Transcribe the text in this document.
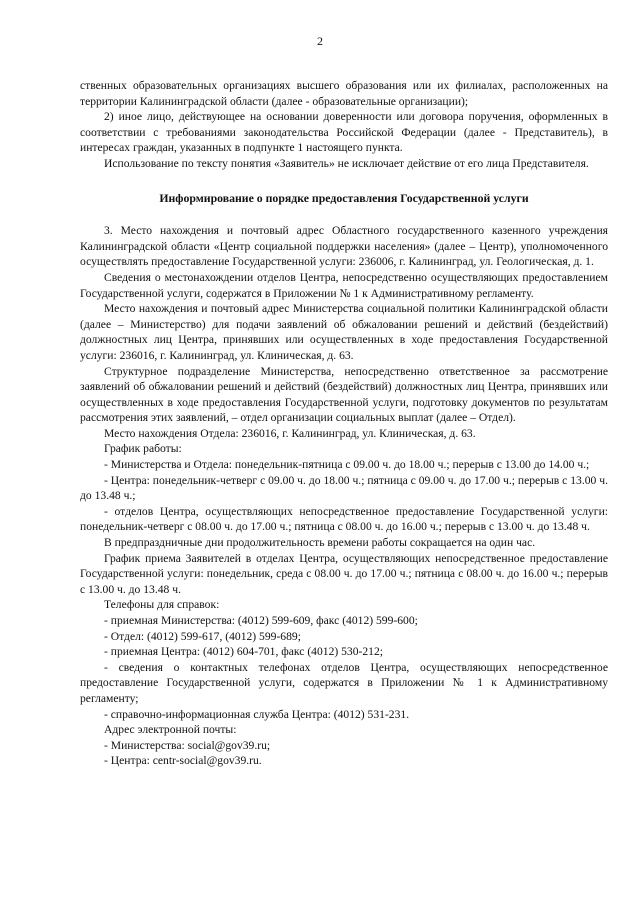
2

ственных образовательных организациях высшего образования или их филиалах, расположенных на территории Калининградской области (далее - образовательные организации);

2) иное лицо, действующее на основании доверенности или договора поручения, оформленных в соответствии с требованиями законодательства Российской Федерации (далее - Представитель), в интересах граждан, указанных в подпункте 1 настоящего пункта.

Использование по тексту понятия «Заявитель» не исключает действие от его лица Представителя.

Информирование о порядке предоставления Государственной услуги

3. Место нахождения и почтовый адрес Областного государственного казенного учреждения Калининградской области «Центр социальной поддержки населения» (далее – Центр), уполномоченного осуществлять предоставление Государственной услуги: 236006, г. Калининград, ул. Геологическая, д. 1.

Сведения о местонахождении отделов Центра, непосредственно осуществляющих предоставлением Государственной услуги, содержатся в Приложении № 1 к Административному регламенту.

Место нахождения и почтовый адрес Министерства социальной политики Калининградской области (далее – Министерство) для подачи заявлений об обжаловании решений и действий (бездействий) должностных лиц Центра, принявших или осуществленных в ходе предоставления Государственной услуги: 236016, г. Калининград, ул. Клиническая, д. 63.

Структурное подразделение Министерства, непосредственно ответственное за рассмотрение заявлений об обжаловании решений и действий (бездействий) должностных лиц Центра, принявших или осуществленных в ходе предоставления Государственной услуги, подготовку документов по результатам рассмотрения этих заявлений, – отдел организации социальных выплат (далее – Отдел).

Место нахождения Отдела: 236016, г. Калининград, ул. Клиническая, д. 63.

График работы:

- Министерства и Отдела: понедельник-пятница с 09.00 ч. до 18.00 ч.; перерыв с 13.00 до 14.00 ч.;

- Центра: понедельник-четверг с 09.00 ч. до 18.00 ч.; пятница с 09.00 ч. до 17.00 ч.; перерыв с 13.00 ч. до 13.48 ч.;

- отделов Центра, осуществляющих непосредственное предоставление Государственной услуги: понедельник-четверг с 08.00 ч. до 17.00 ч.; пятница с 08.00 ч. до 16.00 ч.; перерыв с 13.00 ч. до 13.48 ч.

В предпраздничные дни продолжительность времени работы сокращается на один час.

График приема Заявителей в отделах Центра, осуществляющих непосредственное предоставление Государственной услуги: понедельник, среда с 08.00 ч. до 17.00 ч.; пятница с 08.00 ч. до 16.00 ч.; перерыв с 13.00 ч. до 13.48 ч.

Телефоны для справок:

- приемная Министерства: (4012) 599-609, факс (4012) 599-600;

- Отдел: (4012) 599-617, (4012) 599-689;

- приемная Центра: (4012) 604-701, факс (4012) 530-212;

- сведения о контактных телефонах отделов Центра, осуществляющих непосредственное предоставление Государственной услуги, содержатся в Приложении № 1 к Административному регламенту;

- справочно-информационная служба Центра: (4012) 531-231.

Адрес электронной почты:

- Министерства: social@gov39.ru;

- Центра: centr-social@gov39.ru.
